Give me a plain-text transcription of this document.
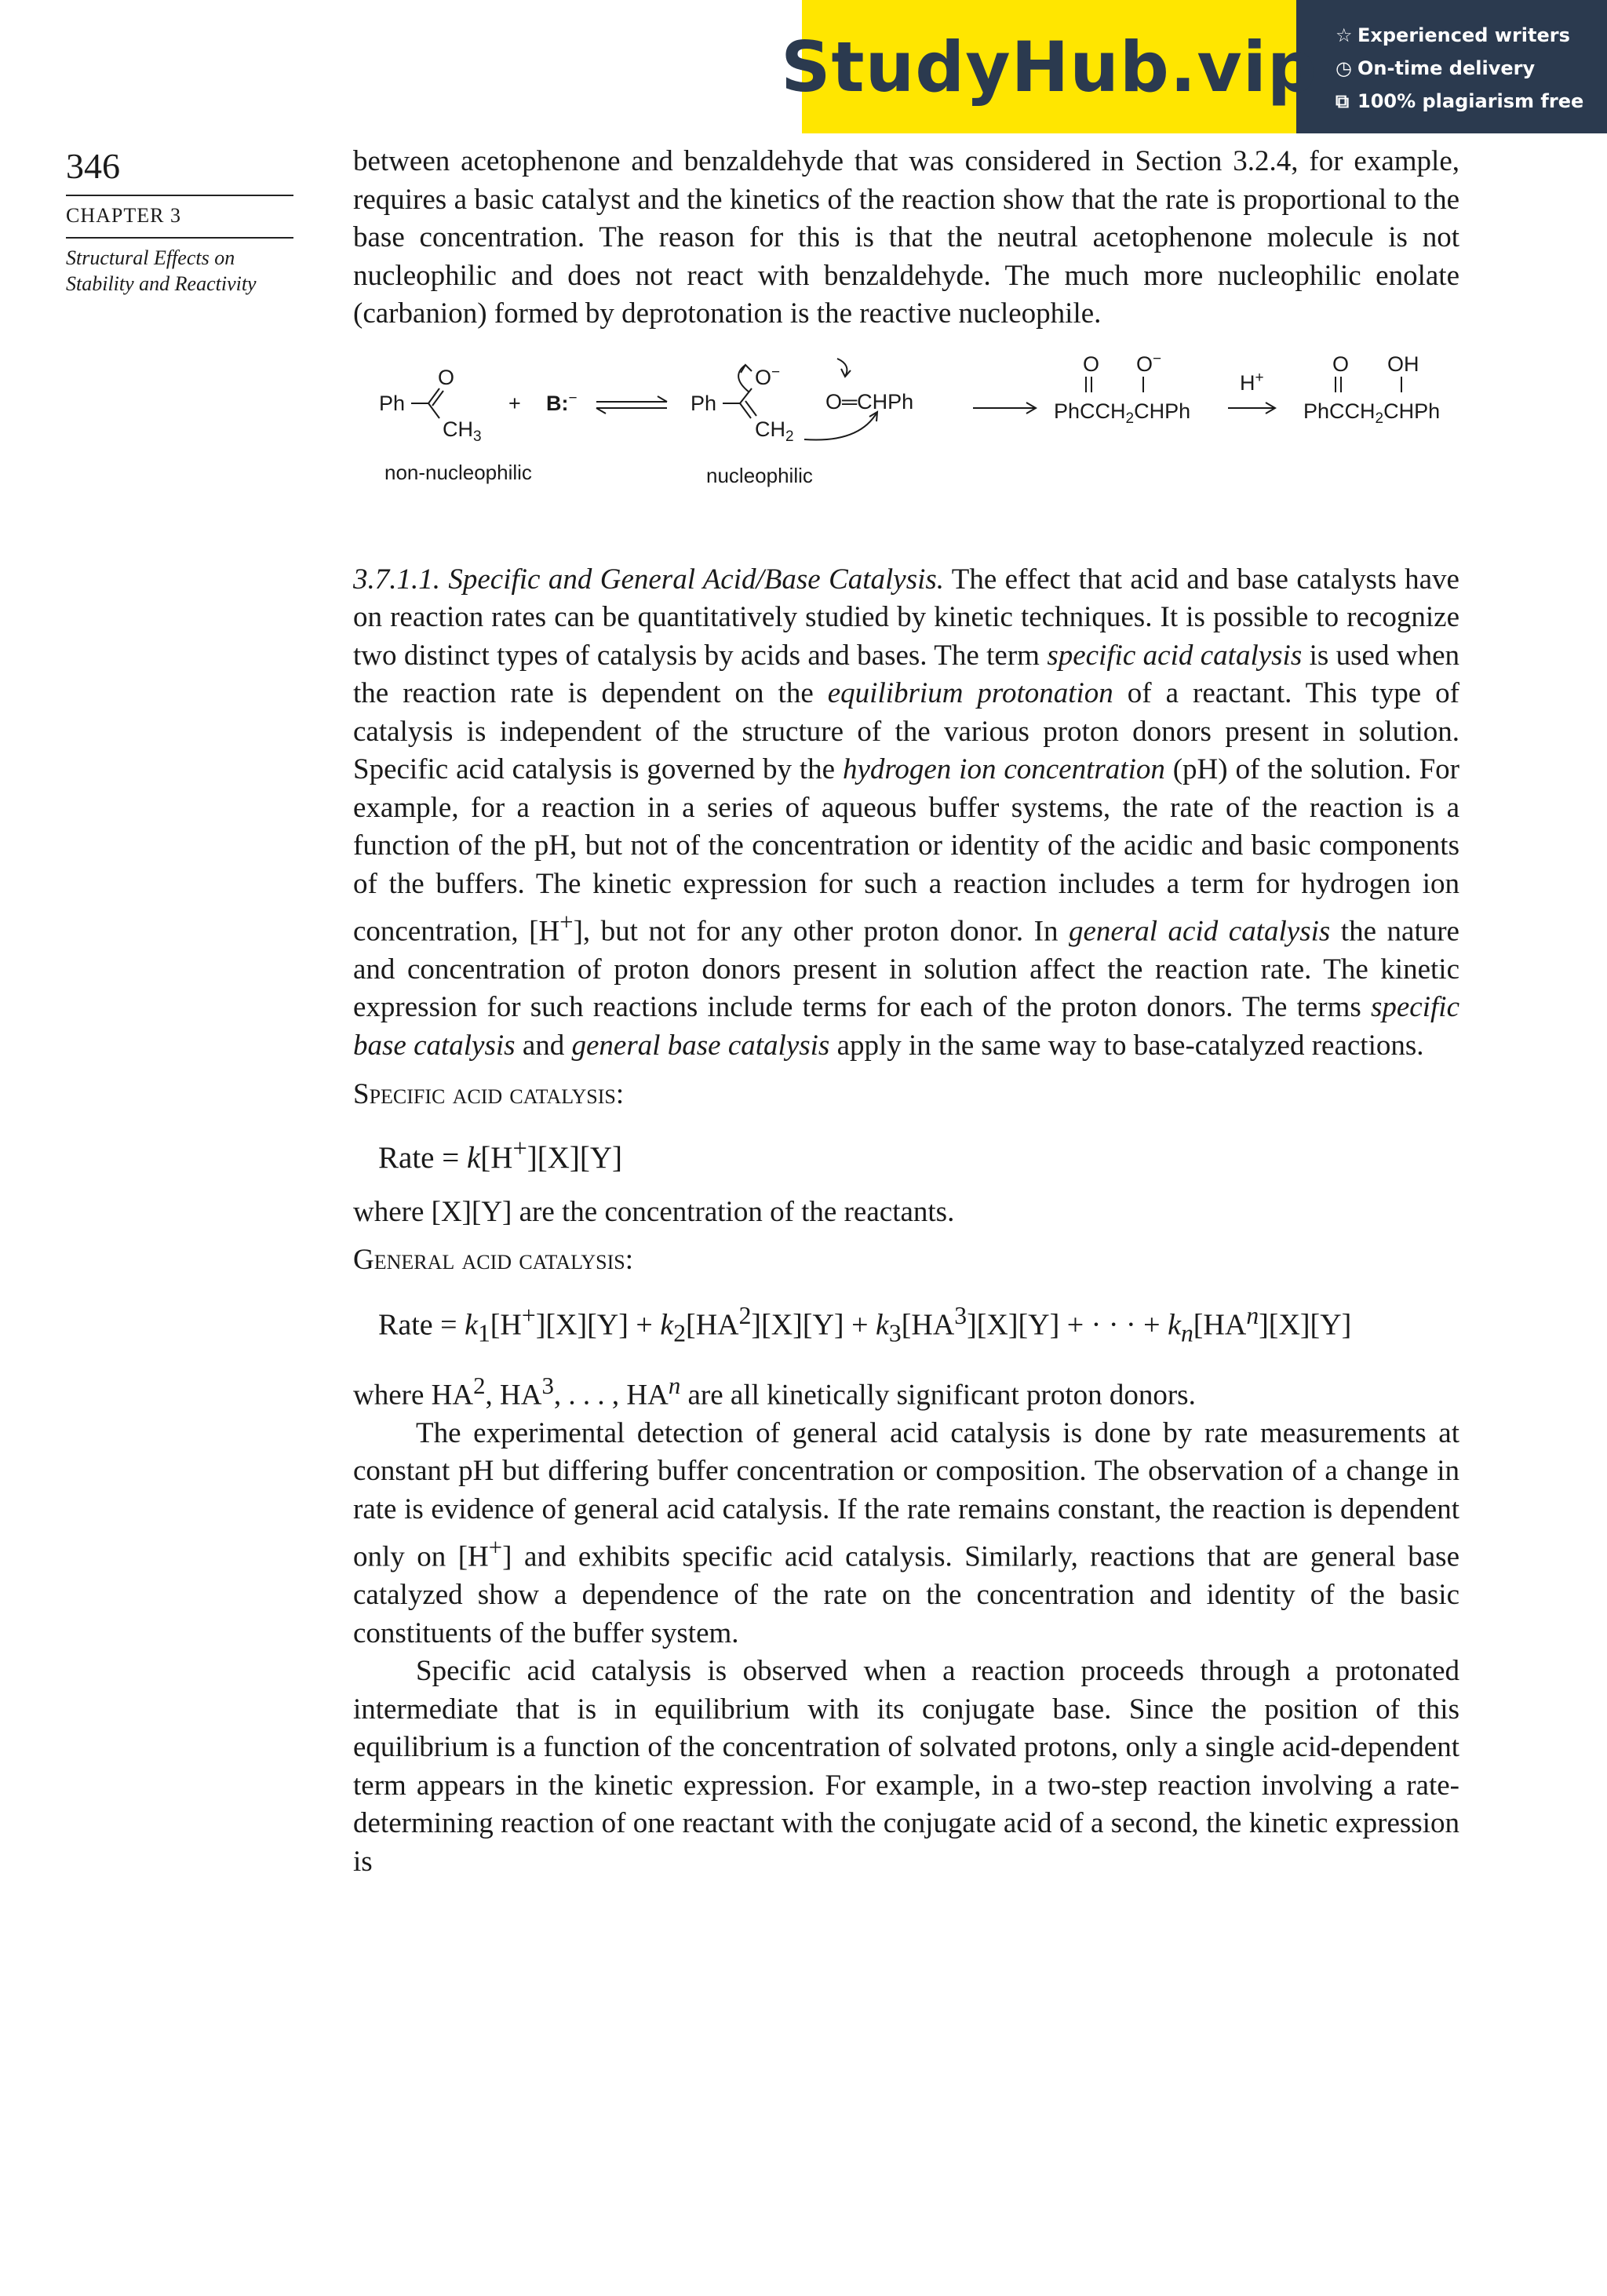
StudyHub.vip ☆ Experienced writers
◷ On-time delivery
⧉ 100% plagiarism free
346
CHAPTER 3
Structural Effects on
Stability and Reactivity

between acetophenone and benzaldehyde that was considered in Section 3.2.4, for example, requires a basic catalyst and the kinetics of the reaction show that the rate is proportional to the base concentration. The reason for this is that the neutral acetophenone molecule is not nucleophilic and does not react with benzaldehyde. The much more nucleophilic enolate (carbanion) formed by deprotonation is the reactive nucleophile.

Ph
O
$CH_3$
non-nucleophilic
+ B:−	Ph
O−
$CH_2$
nucleophilic
O═CHPh
O O−
PhCCH$_2$CHPh
H+
O OH
PhCCH$_2$CHPh

3.7.1.1. Specific and General Acid/Base Catalysis. The effect that acid and base catalysts have on reaction rates can be quantitatively studied by kinetic techniques. It is possible to recognize two distinct types of catalysis by acids and bases. The term specific acid catalysis is used when the reaction rate is dependent on the equilibrium protonation of a reactant. This type of catalysis is independent of the structure of the various proton donors present in solution. Specific acid catalysis is governed by the hydrogen ion concentration (pH) of the solution. For example, for a reaction in a series of aqueous buffer systems, the rate of the reaction is a function of the pH, but not of the concentration or identity of the acidic and basic components of the buffers. The kinetic expression for such a reaction includes a term for hydrogen ion concentration, [H+], but not for any other proton donor. In general acid catalysis the nature and concentration of proton donors present in solution affect the reaction rate. The kinetic expression for such reactions include terms for each of the proton donors. The terms specific base catalysis and general base catalysis apply in the same way to base-catalyzed reactions.

Specific acid catalysis:

Rate = k[H+][X][Y]

where [X][Y] are the concentration of the reactants.

General acid catalysis:

Rate = $k_1[H^+][X][Y] + k_2[HA^2][X][Y] + k_3[HA^3][X][Y]$ + · · · + $k_n[HA^n][X][Y]$

where $HA^2$, $HA^3$, . . . , $HA^n$ are all kinetically significant proton donors.

The experimental detection of general acid catalysis is done by rate measurements at constant pH but differing buffer concentration or composition. The observation of a change in rate is evidence of general acid catalysis. If the rate remains constant, the reaction is dependent only on [H+] and exhibits specific acid catalysis. Similarly, reactions that are general base catalyzed show a dependence of the rate on the concentration and identity of the basic constituents of the buffer system.

Specific acid catalysis is observed when a reaction proceeds through a protonated intermediate that is in equilibrium with its conjugate base. Since the position of this equilibrium is a function of the concentration of solvated protons, only a single acid-dependent term appears in the kinetic expression. For example, in a two-step reaction involving a rate-determining reaction of one reactant with the conjugate acid of a second, the kinetic expression is
